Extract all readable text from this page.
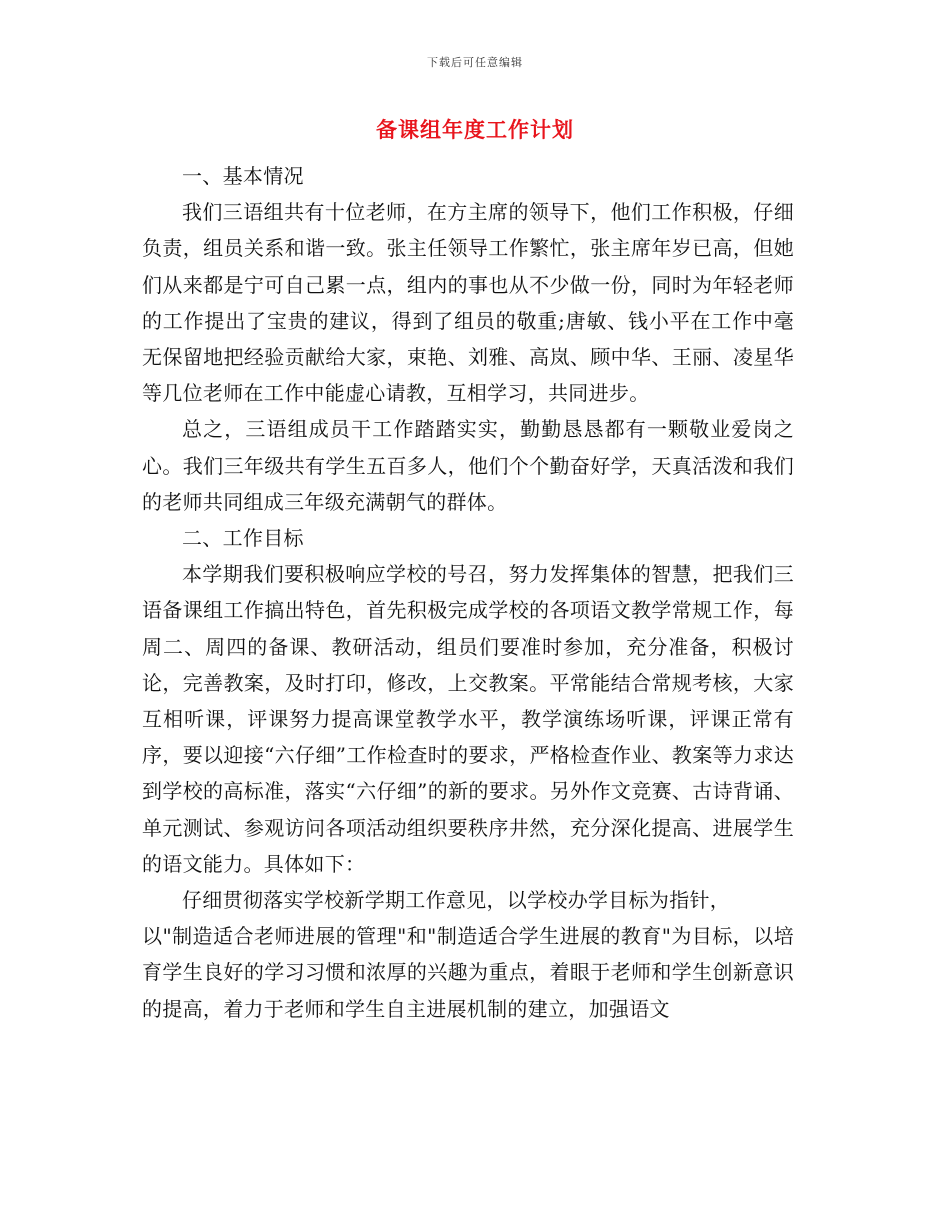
下载后可任意编辑
备课组年度工作计划

一、基本情况

我们三语组共有十位老师，在方主席的领导下，他们工作积极，仔细负责，组员关系和谐一致。张主任领导工作繁忙，张主席年岁已高，但她们从来都是宁可自己累一点，组内的事也从不少做一份，同时为年轻老师的工作提出了宝贵的建议，得到了组员的敬重;唐敏、钱小平在工作中毫无保留地把经验贡献给大家，束艳、刘雅、高岚、顾中华、王丽、凌星华等几位老师在工作中能虚心请教，互相学习，共同进步。

总之，三语组成员干工作踏踏实实，勤勤恳恳都有一颗敬业爱岗之心。我们三年级共有学生五百多人，他们个个勤奋好学，天真活泼和我们的老师共同组成三年级充满朝气的群体。

二、工作目标

本学期我们要积极响应学校的号召，努力发挥集体的智慧，把我们三语备课组工作搞出特色，首先积极完成学校的各项语文教学常规工作，每周二、周四的备课、教研活动，组员们要准时参加，充分准备，积极讨论，完善教案，及时打印，修改，上交教案。平常能结合常规考核，大家互相听课，评课努力提高课堂教学水平，教学演练场听课，评课正常有序，要以迎接“六仔细”工作检查时的要求，严格检查作业、教案等力求达到学校的高标准，落实“六仔细”的新的要求。另外作文竞赛、古诗背诵、单元测试、参观访问各项活动组织要秩序井然，充分深化提高、进展学生的语文能力。具体如下：

仔细贯彻落实学校新学期工作意见，以学校办学目标为指针，

以"制造适合老师进展的管理"和"制造适合学生进展的教育"为目标，以培育学生良好的学习习惯和浓厚的兴趣为重点，着眼于老师和学生创新意识的提高，着力于老师和学生自主进展机制的建立，加强语文
